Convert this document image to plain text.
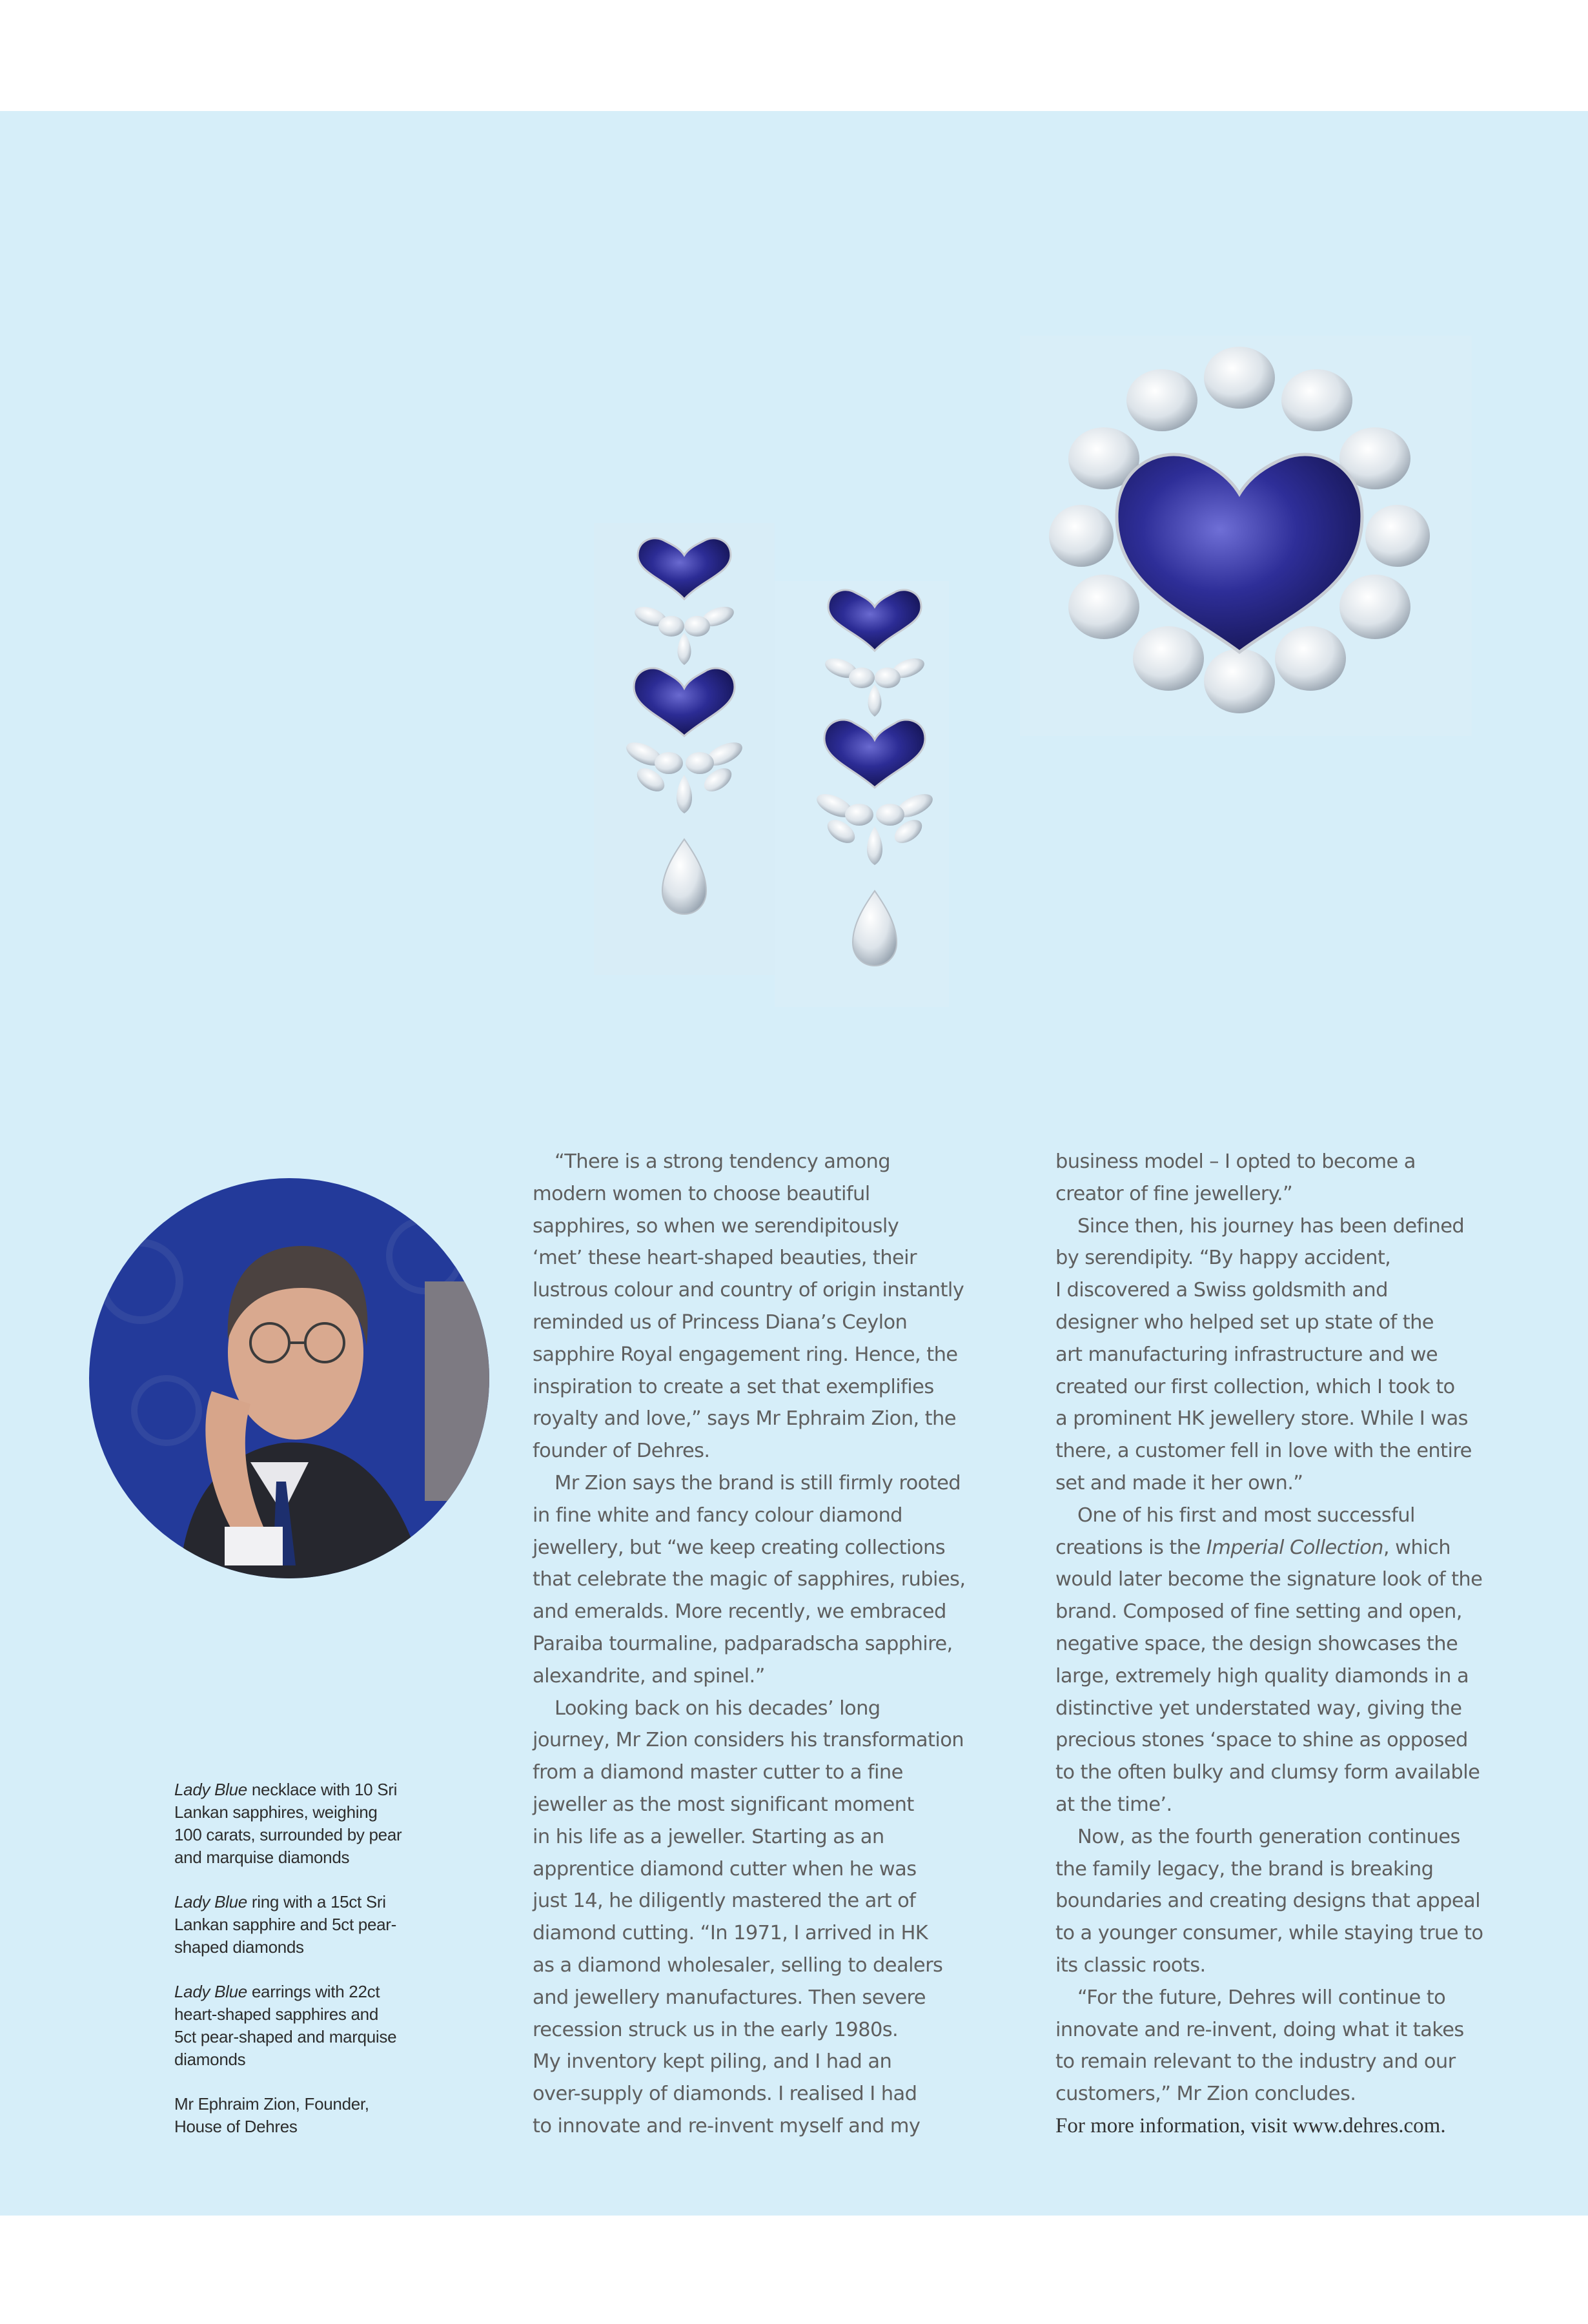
Lady Blue necklace with 10 Sri
Lankan sapphires, weighing
100 carats, surrounded by pear
and marquise diamonds

Lady Blue ring with a 15ct Sri
Lankan sapphire and 5ct pear-
shaped diamonds

Lady Blue earrings with 22ct
heart-shaped sapphires and
5ct pear-shaped and marquise
diamonds

Mr Ephraim Zion, Founder,
House of Dehres

“There is a strong tendency among
modern women to choose beautiful
sapphires, so when we serendipitously
‘met’ these heart-shaped beauties, their
lustrous colour and country of origin instantly
reminded us of Princess Diana’s Ceylon
sapphire Royal engagement ring. Hence, the
inspiration to create a set that exemplifies
royalty and love,” says Mr Ephraim Zion, the
founder of Dehres.
Mr Zion says the brand is still firmly rooted
in fine white and fancy colour diamond
jewellery, but “we keep creating collections
that celebrate the magic of sapphires, rubies,
and emeralds. More recently, we embraced
Paraiba tourmaline, padparadscha sapphire,
alexandrite, and spinel.”
Looking back on his decades’ long
journey, Mr Zion considers his transformation
from a diamond master cutter to a fine
jeweller as the most significant moment
in his life as a jeweller. Starting as an
apprentice diamond cutter when he was
just 14, he diligently mastered the art of
diamond cutting. “In 1971, I arrived in HK
as a diamond wholesaler, selling to dealers
and jewellery manufactures. Then severe
recession struck us in the early 1980s.
My inventory kept piling, and I had an
over-supply of diamonds. I realised I had
to innovate and re-invent myself and my
business model – I opted to become a
creator of fine jewellery.”
Since then, his journey has been defined
by serendipity. “By happy accident,
I discovered a Swiss goldsmith and
designer who helped set up state of the
art manufacturing infrastructure and we
created our first collection, which I took to
a prominent HK jewellery store. While I was
there, a customer fell in love with the entire
set and made it her own.”
One of his first and most successful
creations is the Imperial Collection, which
would later become the signature look of the
brand. Composed of fine setting and open,
negative space, the design showcases the
large, extremely high quality diamonds in a
distinctive yet understated way, giving the
precious stones ‘space to shine as opposed
to the often bulky and clumsy form available
at the time’.
Now, as the fourth generation continues
the family legacy, the brand is breaking
boundaries and creating designs that appeal
to a younger consumer, while staying true to
its classic roots.
“For the future, Dehres will continue to
innovate and re-invent, doing what it takes
to remain relevant to the industry and our
customers,” Mr Zion concludes.
For more information, visit www.dehres.com.
